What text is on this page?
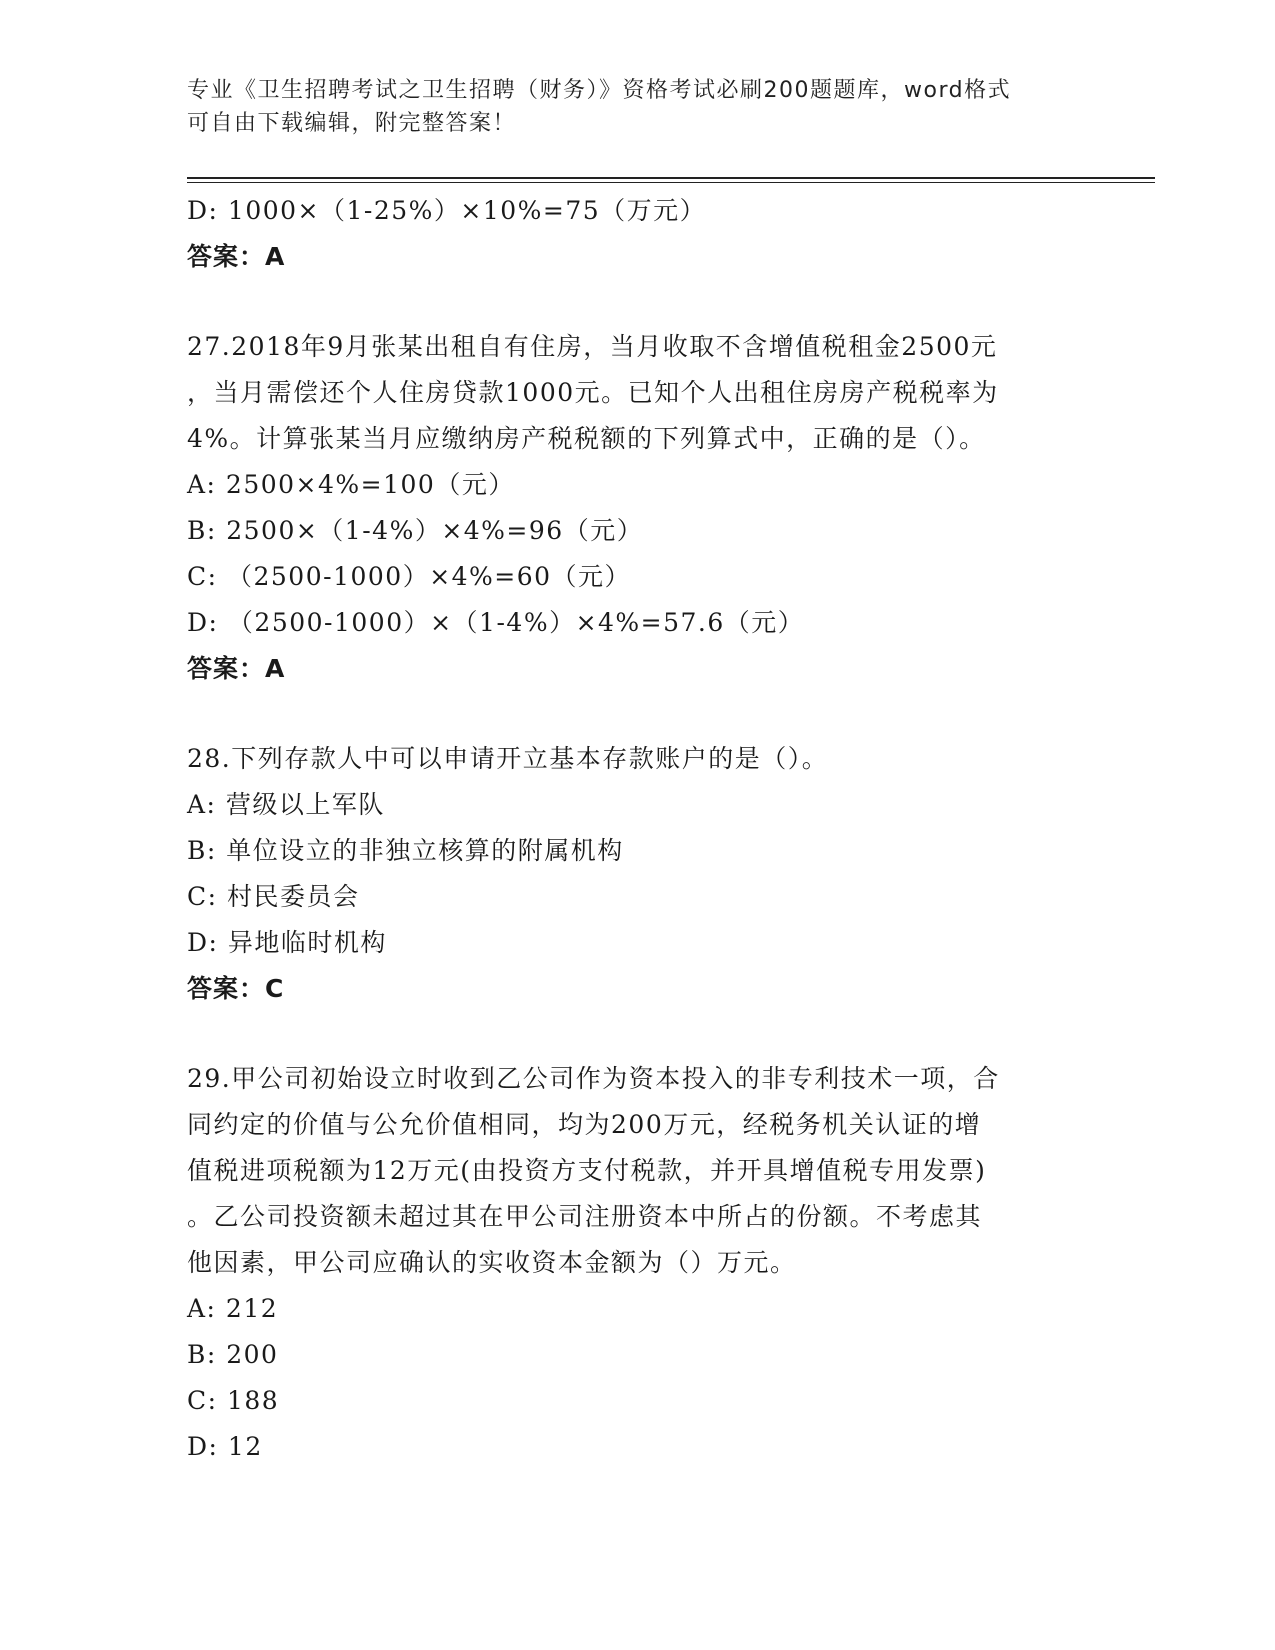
专业《卫生招聘考试之卫生招聘（财务）》资格考试必刷200题题库，word格式
可自由下载编辑，附完整答案！
D: 1000×（1-25%）×10%=75（万元）
答案：A
27.2018年9月张某出租自有住房，当月收取不含增值税租金2500元
，当月需偿还个人住房贷款1000元。已知个人出租住房房产税税率为
4%。计算张某当月应缴纳房产税税额的下列算式中，正确的是（）。
A: 2500×4%=100（元）
B: 2500×（1-4%）×4%=96（元）
C: （2500-1000）×4%=60（元）
D: （2500-1000）×（1-4%）×4%=57.6（元）
答案：A
28.下列存款人中可以申请开立基本存款账户的是（）。
A: 营级以上军队
B: 单位设立的非独立核算的附属机构
C: 村民委员会
D: 异地临时机构
答案：C
29.甲公司初始设立时收到乙公司作为资本投入的非专利技术一项，合
同约定的价值与公允价值相同，均为200万元，经税务机关认证的增
值税进项税额为12万元(由投资方支付税款，并开具增值税专用发票)
。乙公司投资额未超过其在甲公司注册资本中所占的份额。不考虑其
他因素，甲公司应确认的实收资本金额为（）万元。
A: 212
B: 200
C: 188
D: 12
